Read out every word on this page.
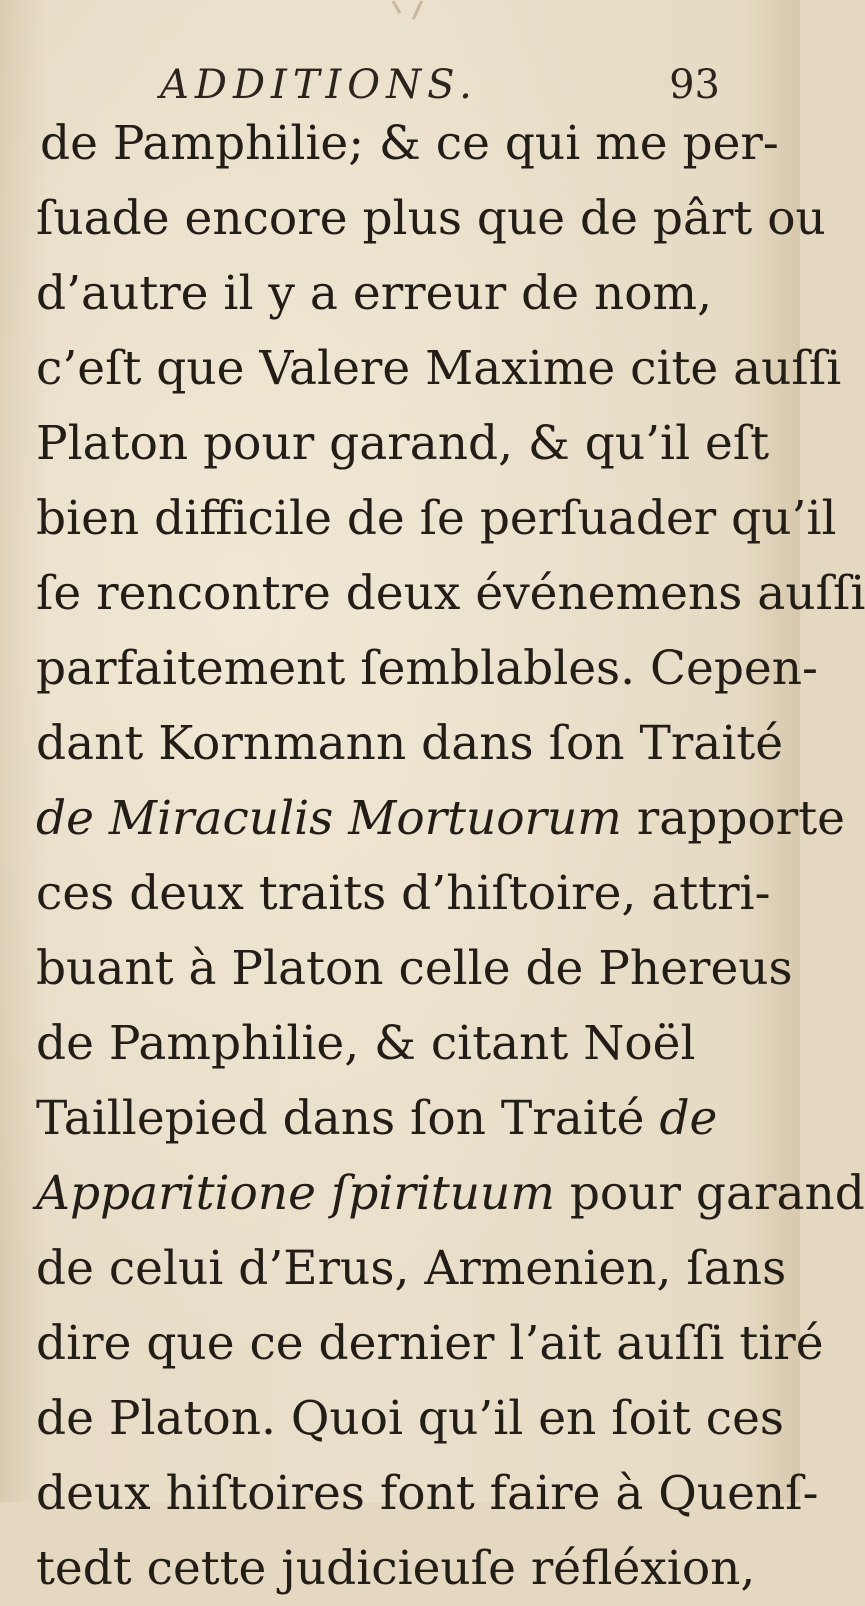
ADDITIONS.	93
de Pamphilie; & ce qui me per-
ſuade encore plus que de pârt ou
d’autre il y a erreur de nom,
c’eſt que Valere Maxime cite auſſi
Platon pour garand, & qu’il eſt
bien difficile de ſe perſuader qu’il
ſe rencontre deux événemens auſſi
parfaitement ſemblables. Cepen-
dant Kornmann dans ſon Traité
de Miraculis Mortuorum rapporte
ces deux traits d’hiſtoire, attri-
buant à Platon celle de Phereus
de Pamphilie, & citant Noël
Taillepied dans ſon Traité de
Apparitione ſpirituum pour garand
de celui d’Erus, Armenien, ſans
dire que ce dernier l’ait auſſi tiré
de Platon. Quoi qu’il en ſoit ces
deux hiſtoires font faire à Quenſ-
tedt cette judicieuſe réfléxion,
